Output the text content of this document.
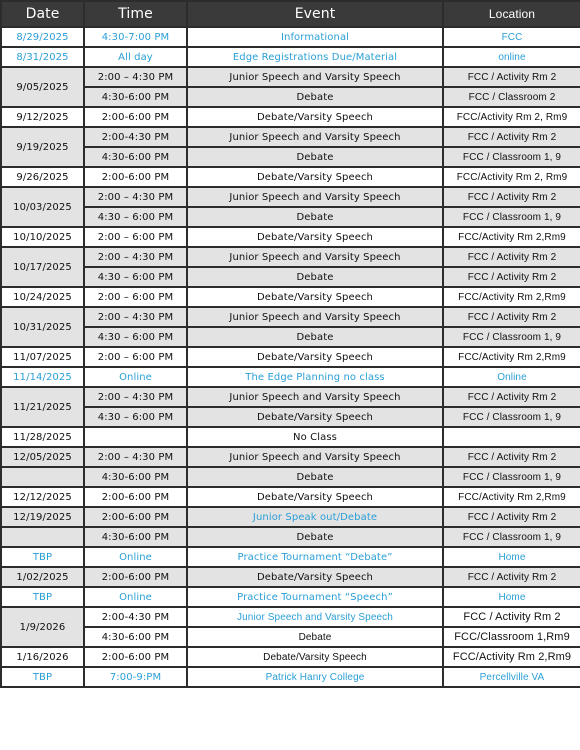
Date	Time	Event	Location
8/29/2025	4:30-7:00 PM	Informational	FCC
8/31/2025	All day	Edge Registrations Due/Material	online
9/05/2025	2:00 – 4:30 PM	Junior Speech and Varsity Speech	FCC / Activity Rm 2
	4:30-6:00 PM	Debate	FCC / Classroom 2
9/12/2025	2:00-6:00 PM	Debate/Varsity Speech	FCC/Activity Rm 2, Rm9
9/19/2025	2:00-4:30 PM	Junior Speech and Varsity Speech	FCC / Activity Rm 2
	4:30-6:00 PM	Debate	FCC / Classroom 1, 9
9/26/2025	2:00-6:00 PM	Debate/Varsity Speech	FCC/Activity Rm 2, Rm9
10/03/2025	2:00 – 4:30 PM	Junior Speech and Varsity Speech	FCC / Activity Rm 2
	4:30 – 6:00 PM	Debate	FCC / Classroom 1, 9
10/10/2025	2:00 – 6:00 PM	Debate/Varsity Speech	FCC/Activity Rm 2,Rm9
10/17/2025	2:00 – 4:30 PM	Junior Speech and Varsity Speech	FCC / Activity Rm 2
	4:30 – 6:00 PM	Debate	FCC / Activity Rm 2
10/24/2025	2:00 – 6:00 PM	Debate/Varsity Speech	FCC/Activity Rm 2,Rm9
10/31/2025	2:00 – 4:30 PM	Junior Speech and Varsity Speech	FCC / Activity Rm 2
	4:30 – 6:00 PM	Debate	FCC / Classroom 1, 9
11/07/2025	2:00 – 6:00 PM	Debate/Varsity Speech	FCC/Activity Rm 2,Rm9
11/14/2025	Online	The Edge Planning no class	Online
11/21/2025	2:00 – 4:30 PM	Junior Speech and Varsity Speech	FCC / Activity Rm 2
	4:30 – 6:00 PM	Debate/Varsity Speech	FCC / Classroom 1, 9
11/28/2025		No Class	
12/05/2025	2:00 – 4:30 PM	Junior Speech and Varsity Speech	FCC / Activity Rm 2
	4:30-6:00 PM	Debate	FCC / Classroom 1, 9
12/12/2025	2:00-6:00 PM	Debate/Varsity Speech	FCC/Activity Rm 2,Rm9
12/19/2025	2:00-6:00 PM	Junior Speak out/Debate	FCC / Activity Rm 2
	4:30-6:00 PM	Debate	FCC / Classroom 1, 9
TBP	Online	Practice Tournament “Debate”	Home
1/02/2025	2:00-6:00 PM	Debate/Varsity Speech	FCC / Activity Rm 2
TBP	Online	Practice Tournament “Speech”	Home
1/9/2026	2:00-4:30 PM	Junior Speech and Varsity Speech	FCC / Activity Rm 2
	4:30-6:00 PM	Debate	FCC/Classroom 1,Rm9
1/16/2026	2:00-6:00 PM	Debate/Varsity Speech	FCC/Activity Rm 2,Rm9
TBP	7:00-9:PM	Patrick Hanry College	Percellville VA
